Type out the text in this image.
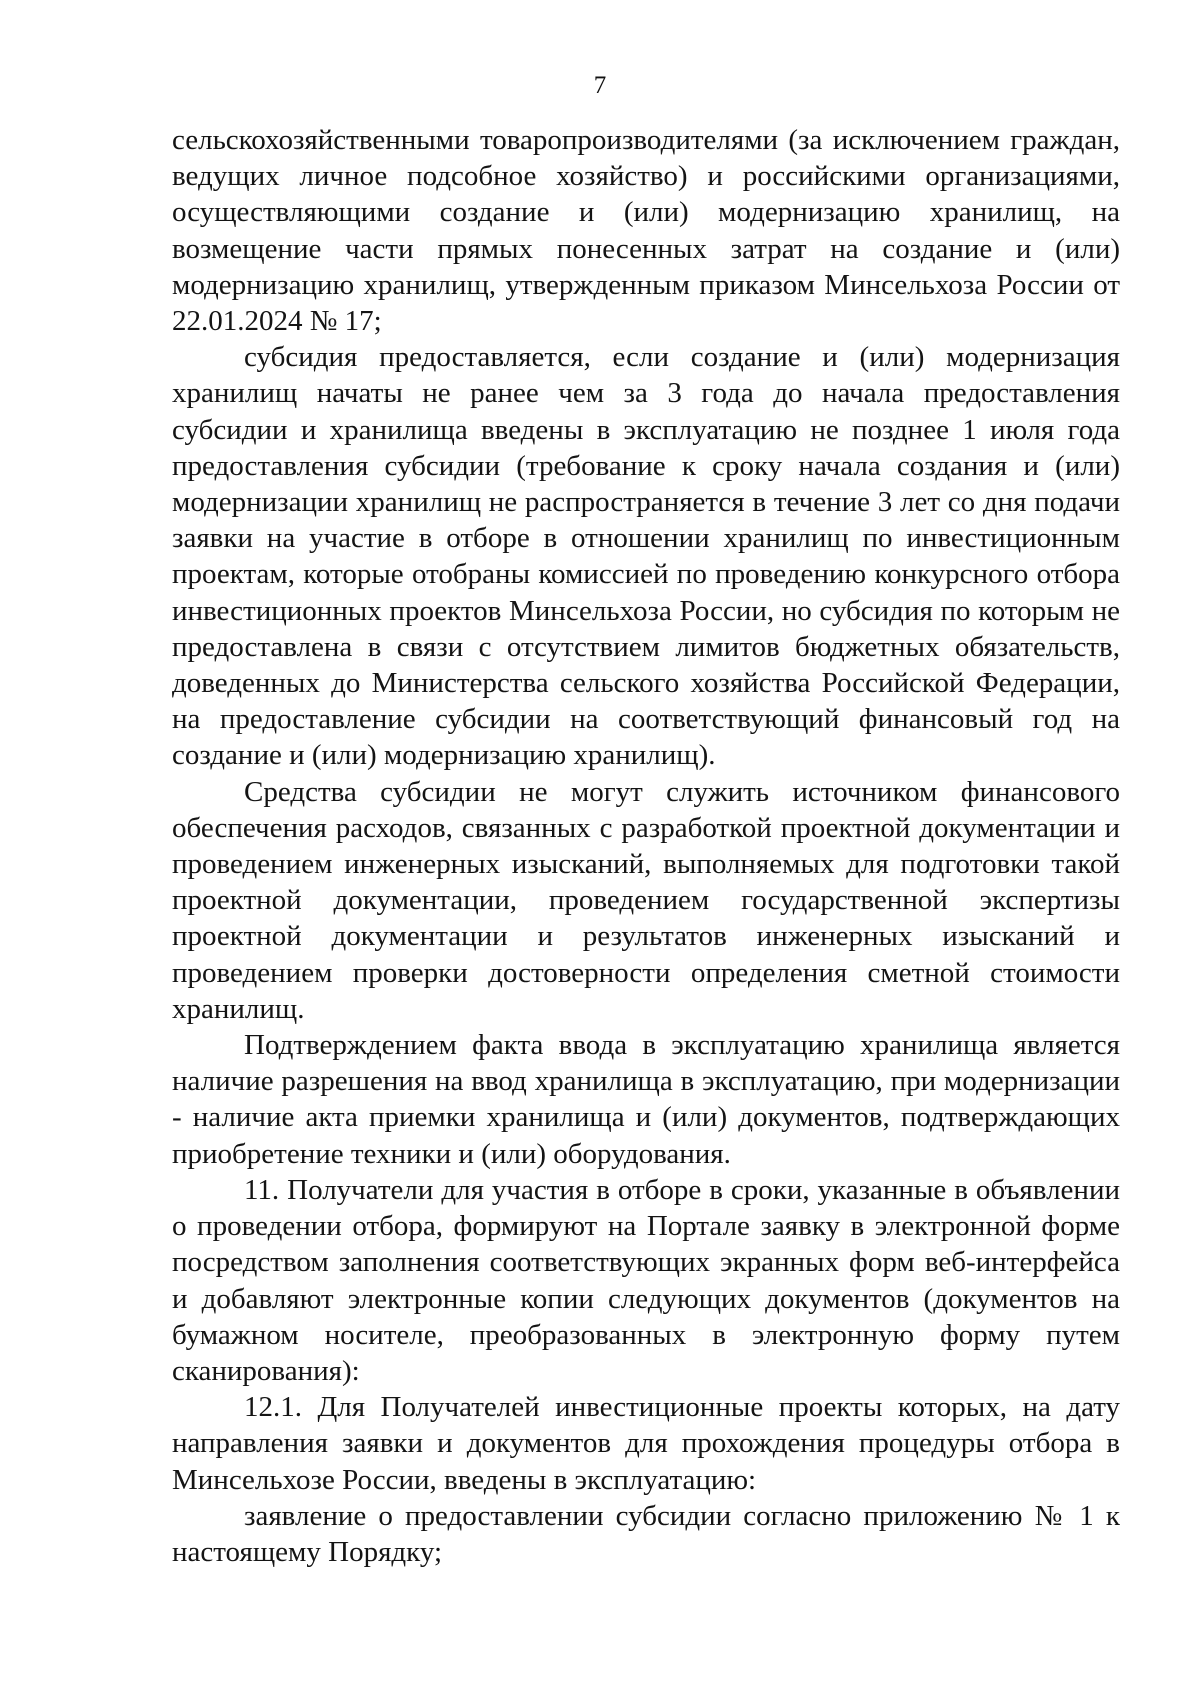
7

сельскохозяйственными товаропроизводителями (за исключением граждан, ведущих личное подсобное хозяйство) и российскими организациями, осуществляющими создание и (или) модернизацию хранилищ, на возмещение части прямых понесенных затрат на создание и (или) модернизацию хранилищ, утвержденным приказом Минсельхоза России от 22.01.2024 № 17;

субсидия предоставляется, если создание и (или) модернизация хранилищ начаты не ранее чем за 3 года до начала предоставления субсидии и хранилища введены в эксплуатацию не позднее 1 июля года предоставления субсидии (требование к сроку начала создания и (или) модернизации хранилищ не распространяется в течение 3 лет со дня подачи заявки на участие в отборе в отношении хранилищ по инвестиционным проектам, которые отобраны комиссией по проведению конкурсного отбора инвестиционных проектов Минсельхоза России, но субсидия по которым не предоставлена в связи с отсутствием лимитов бюджетных обязательств, доведенных до Министерства сельского хозяйства Российской Федерации, на предоставление субсидии на соответствующий финансовый год на создание и (или) модернизацию хранилищ).

Средства субсидии не могут служить источником финансового обеспечения расходов, связанных с разработкой проектной документации и проведением инженерных изысканий, выполняемых для подготовки такой проектной документации, проведением государственной экспертизы проектной документации и результатов инженерных изысканий и проведением проверки достоверности определения сметной стоимости хранилищ.

Подтверждением факта ввода в эксплуатацию хранилища является наличие разрешения на ввод хранилища в эксплуатацию, при модернизации - наличие акта приемки хранилища и (или) документов, подтверждающих приобретение техники и (или) оборудования.

11. Получатели для участия в отборе в сроки, указанные в объявлении о проведении отбора, формируют на Портале заявку в электронной форме посредством заполнения соответствующих экранных форм веб-интерфейса и добавляют электронные копии следующих документов (документов на бумажном носителе, преобразованных в электронную форму путем сканирования):

12.1. Для Получателей инвестиционные проекты которых, на дату направления заявки и документов для прохождения процедуры отбора в Минсельхозе России, введены в эксплуатацию:

заявление о предоставлении субсидии согласно приложению № 1 к настоящему Порядку;
